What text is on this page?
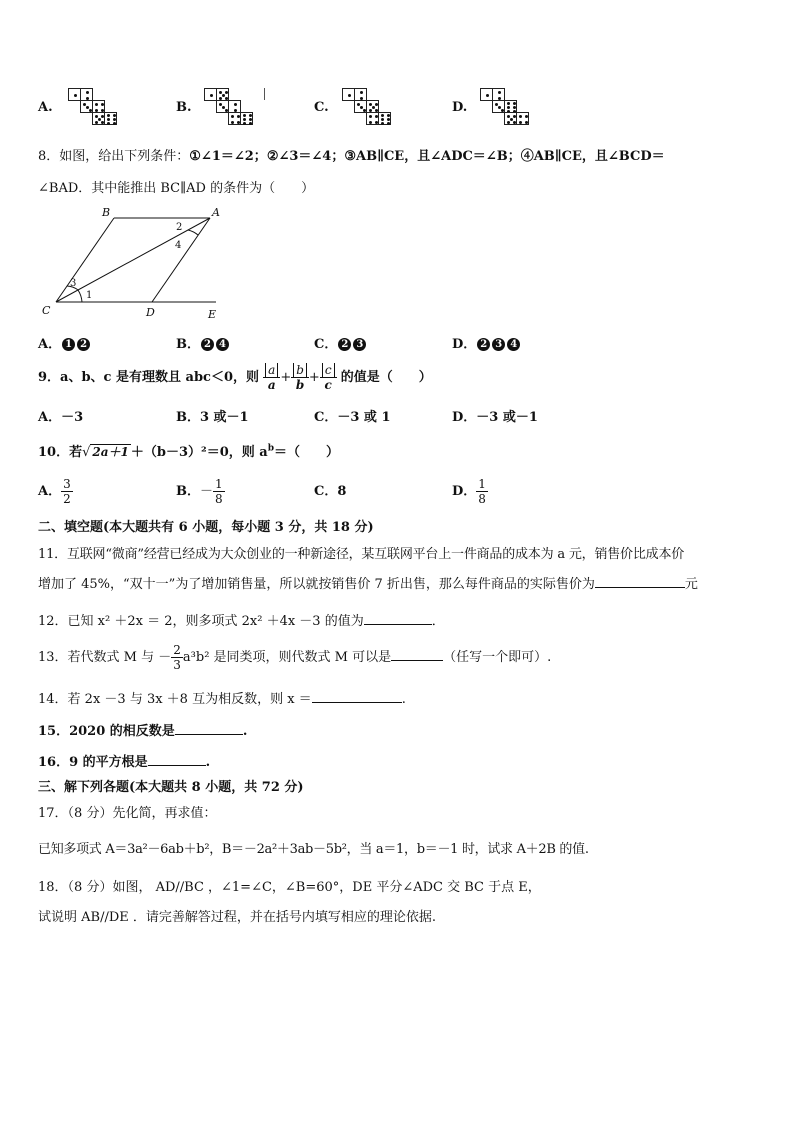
A.	B.	C.	D.
8．如图，给出下列条件：①∠1＝∠2；②∠3＝∠4；③AB∥CE，且∠ADC＝∠B；④AB∥CE，且∠BCD＝
∠BAD．其中能推出 BC∥AD 的条件为（　　）
B	A
C	D	E
1
2
3
4
A． 1 2	B． 2 4	C． 2 3	D． 2 3 4
9．a、b、c 是有理数且 abc＜0，则 $\frac{a}{a} + \frac{b}{b} + \frac{c}{c}$ 的值是（　　）
A．－3	B．3 或－1	C．－3 或 1	D．－3 或－1
10．若√ 2a＋1 ＋（b－3）²＝0，则 $a^b=$（　　）
A． $\frac{3}{2}$	B．－ $\frac{1}{8}$	C．8	D． $\frac{1}{8}$
二、填空题(本大题共有 6 小题，每小题 3 分，共 18 分)
11．互联网“微商”经营已经成为大众创业的一种新途径，某互联网平台上一件商品的成本为 a 元，销售价比成本价
增加了 45%，“双十一”为了增加销售量，所以就按销售价 7 折出售，那么每件商品的实际售价为	元
12．已知 x² ＋2x ＝ 2，则多项式 2x² ＋4x －3 的值为	．
13．若代数式 M 与 － $\frac{2}{3} a^3b^2$ 是同类项，则代数式 M 可以是	（任写一个即可）.
14．若 2x －3 与 3x ＋8 互为相反数，则 x ＝	.
15．2020 的相反数是	.
16．9 的平方根是	.
三、解下列各题(本大题共 8 小题，共 72 分)
17．（8 分）先化简，再求值：
已知多项式 A＝3a²－6ab＋b²，B＝－2a²＋3ab－5b²，当 a＝1，b＝－1 时，试求 A＋2B 的值.
18．（8 分）如图， AD//BC ，∠1=∠C，∠B=60°，DE 平分∠ADC 交 BC 于点 E，
试说明 AB//DE ．请完善解答过程，并在括号内填写相应的理论依据.
